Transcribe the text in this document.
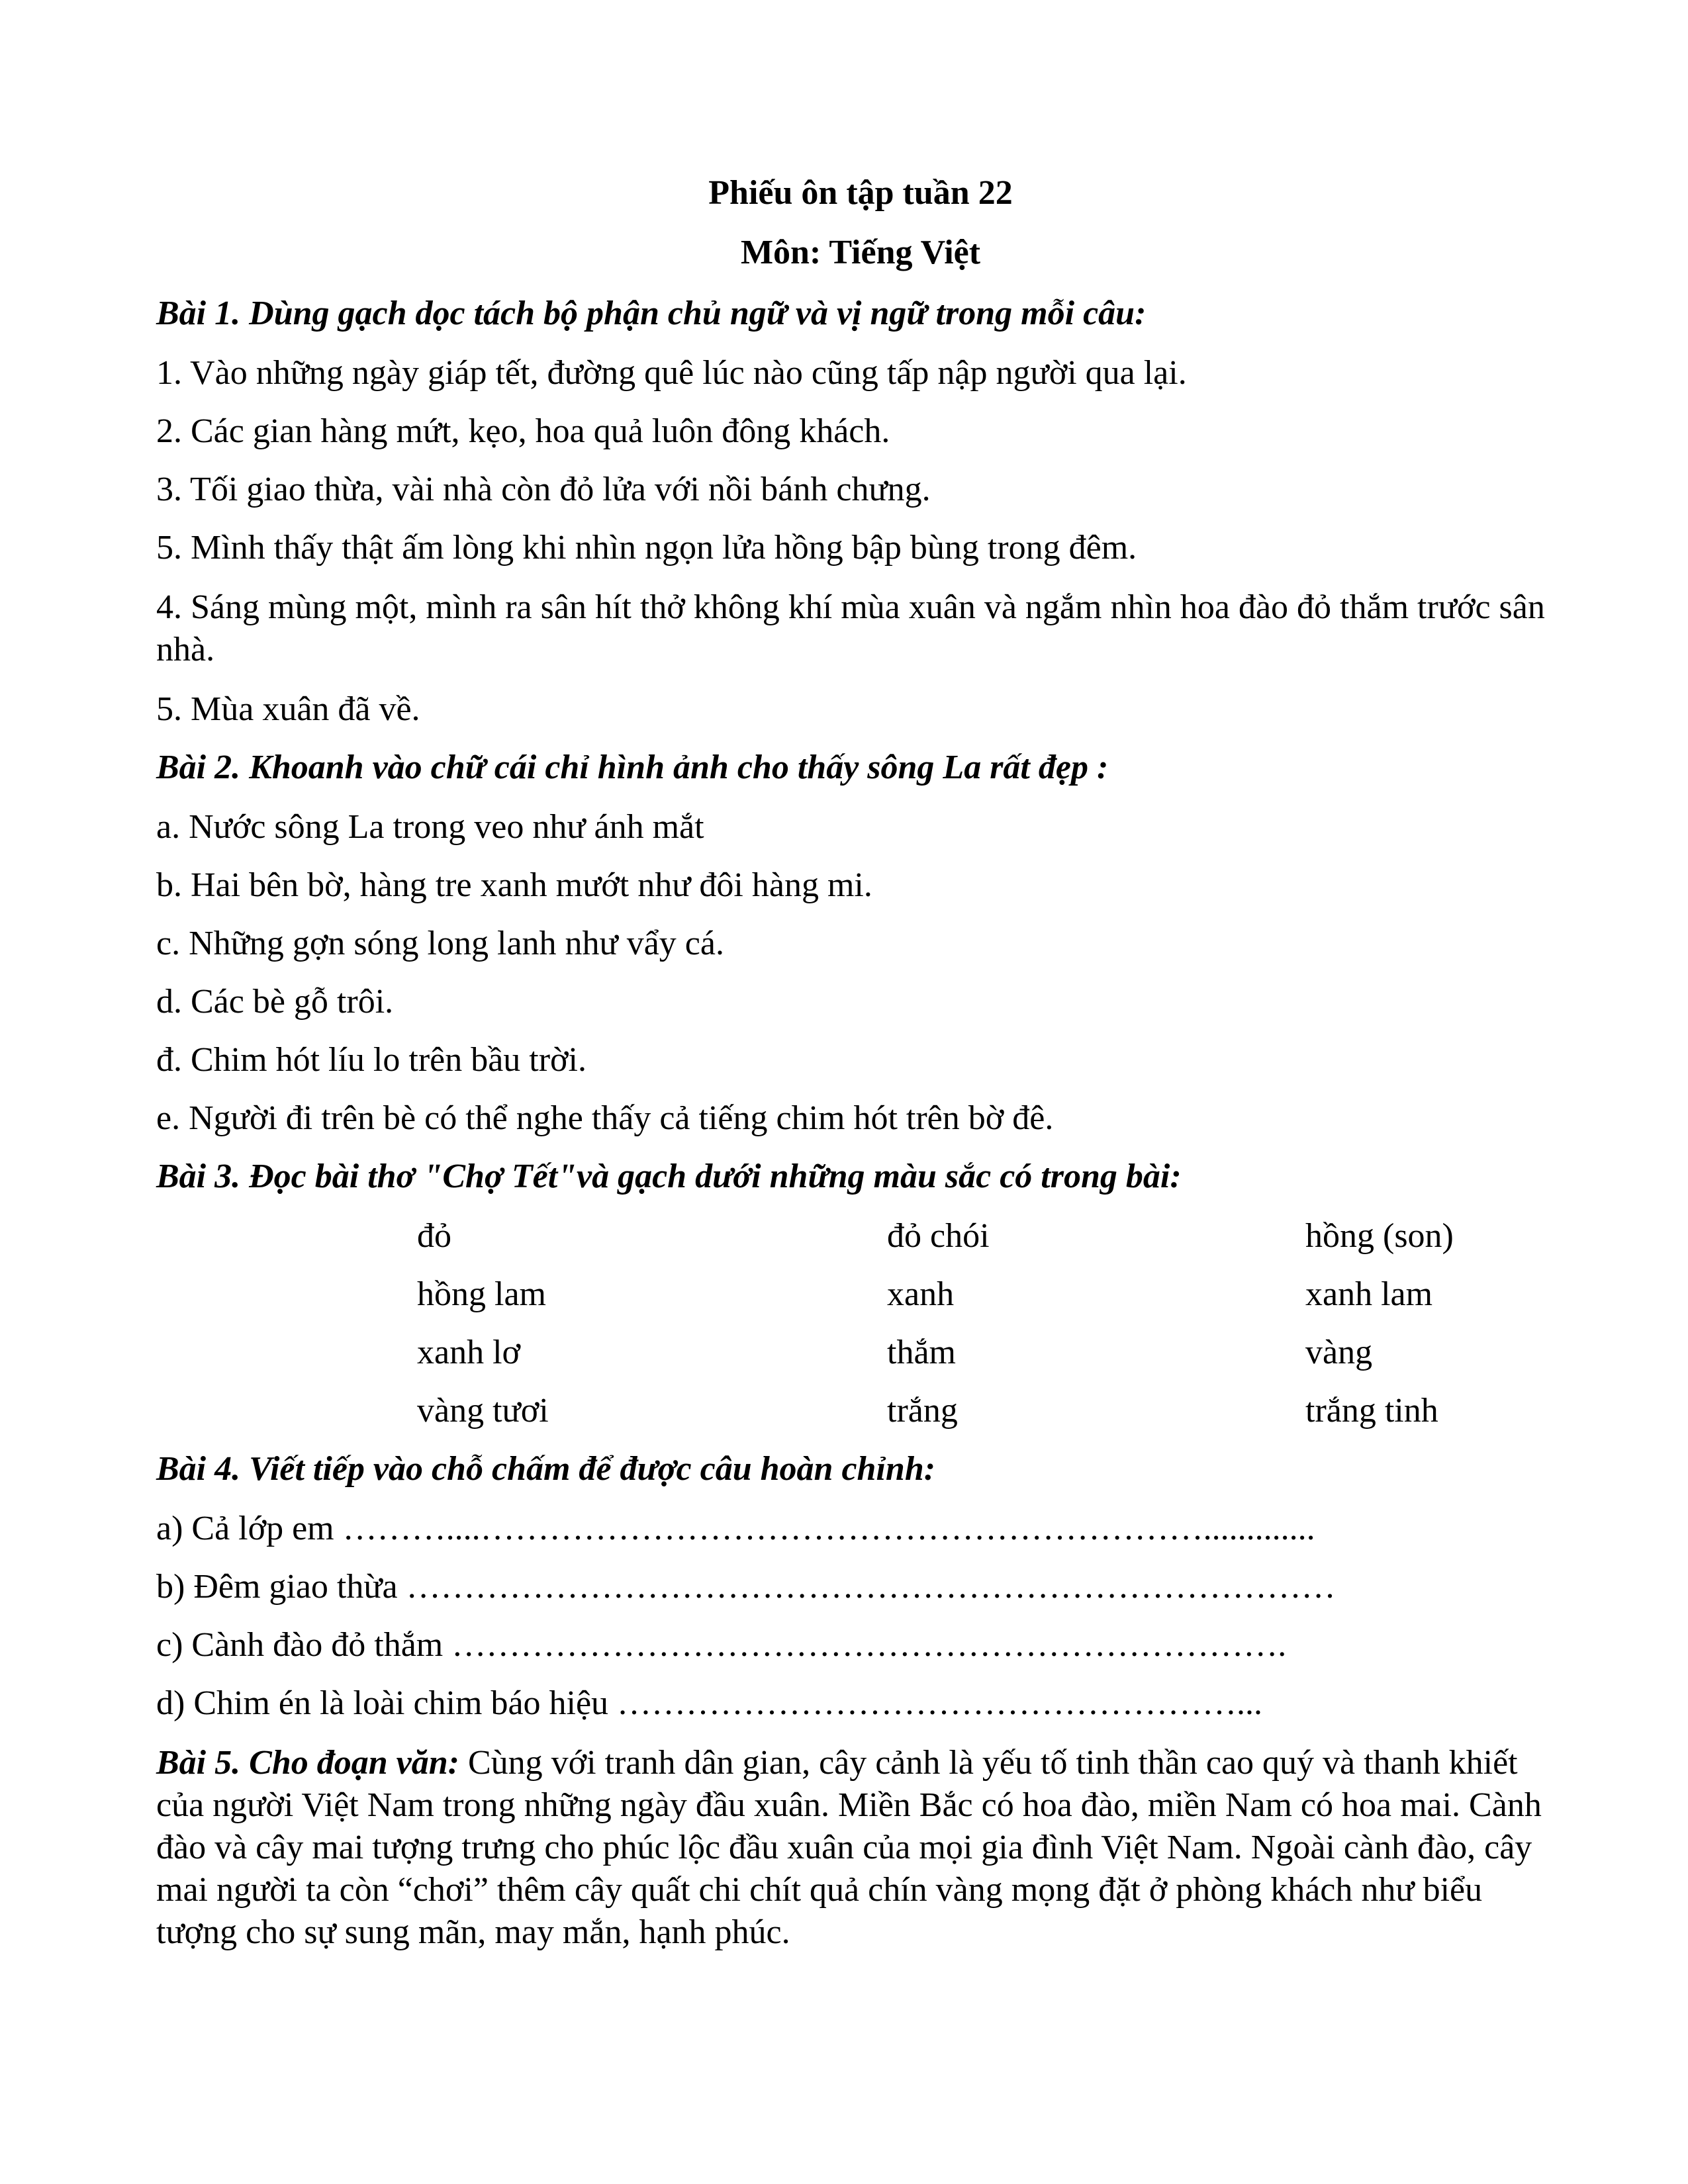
Phiếu ôn tập tuần 22
Môn: Tiếng Việt
Bài 1. Dùng gạch dọc tách bộ phận chủ ngữ và vị ngữ trong mỗi câu:
1. Vào những ngày giáp tết, đường quê lúc nào cũng tấp nập người qua lại.
2. Các gian hàng mứt, kẹo, hoa quả luôn đông khách.
3. Tối giao thừa, vài nhà còn đỏ lửa với nồi bánh chưng.
5. Mình thấy thật ấm lòng khi nhìn ngọn lửa hồng bập bùng trong đêm.
4. Sáng mùng một, mình ra sân hít thở không khí mùa xuân và ngắm nhìn hoa đào đỏ thắm trước sân nhà.
5. Mùa xuân đã về.
Bài 2. Khoanh vào chữ cái chỉ hình ảnh cho thấy sông La rất đẹp :
a. Nước sông La trong veo như ánh mắt
b. Hai bên bờ, hàng tre xanh mướt như đôi hàng mi.
c. Những gợn sóng long lanh như vẩy cá.
d. Các bè gỗ trôi.
đ. Chim hót líu lo trên bầu trời.
e. Người đi trên bè có thể nghe thấy cả tiếng chim hót trên bờ đê.
Bài 3. Đọc bài thơ "Chợ Tết"và gạch dưới những màu sắc có trong bài:
đỏ	đỏ chói	hồng (son)
hồng lam	xanh	xanh lam
xanh lơ	thắm	vàng
vàng tươi	trắng	trắng tinh
Bài 4. Viết tiếp vào chỗ chấm để được câu hoàn chỉnh:
a) Cả lớp em ………....……………………………………………………….............
b) Đêm giao thừa ………………………………………………………………………
c) Cành đào đỏ thắm ……………………………………………………………….
d) Chim én là loài chim báo hiệu ………………………………………………...
Bài 5. Cho đoạn văn: Cùng với tranh dân gian, cây cảnh là yếu tố tinh thần cao quý và thanh khiết của người Việt Nam trong những ngày đầu xuân. Miền Bắc có hoa đào, miền Nam có hoa mai. Cành đào và cây mai tượng trưng cho phúc lộc đầu xuân của mọi gia đình Việt Nam. Ngoài cành đào, cây mai người ta còn “chơi” thêm cây quất chi chít quả chín vàng mọng đặt ở phòng khách như biểu tượng cho sự sung mãn, may mắn, hạnh phúc.
